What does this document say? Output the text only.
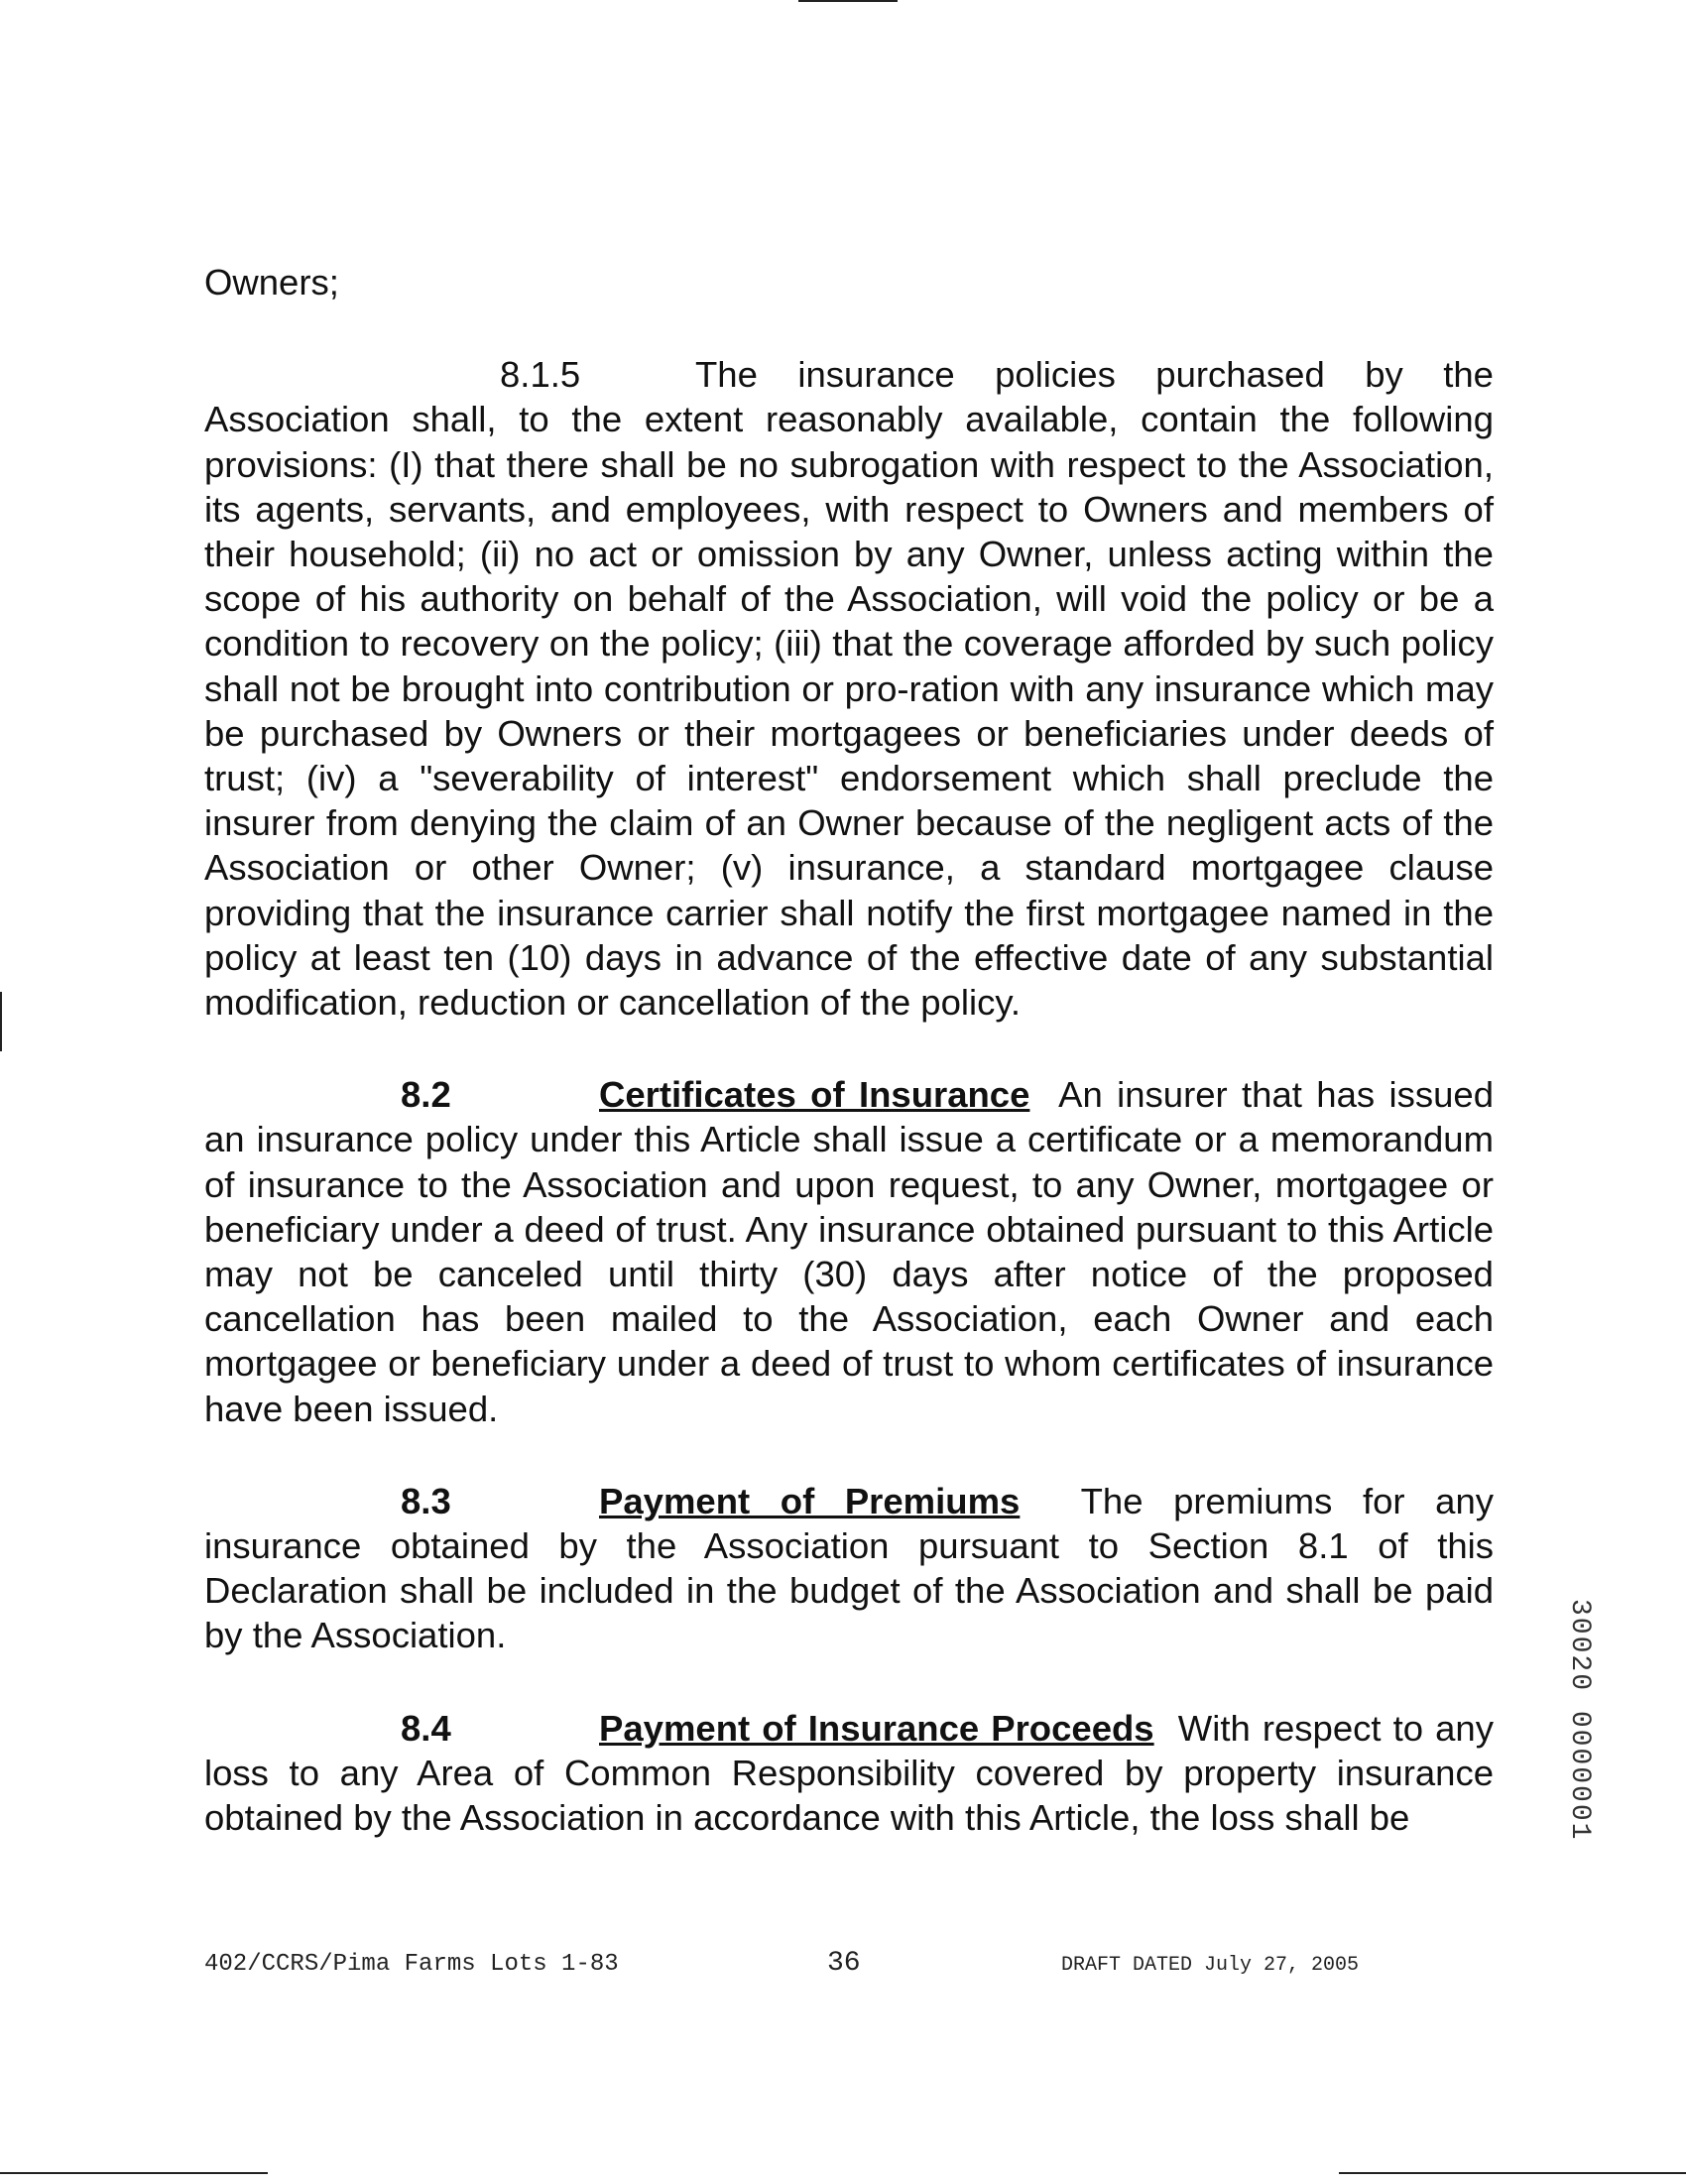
Owners;

8.1.5	The insurance policies purchased by the Association shall, to the extent reasonably available, contain the following provisions: (I) that there shall be no subrogation with respect to the Association, its agents, servants, and employees, with respect to Owners and members of their household; (ii) no act or omission by any Owner, unless acting within the scope of his authority on behalf of the Association, will void the policy or be a condition to recovery on the policy; (iii) that the coverage afforded by such policy shall not be brought into contribution or pro-ration with any insurance which may be purchased by Owners or their mortgagees or beneficiaries under deeds of trust; (iv) a "severability of interest" endorsement which shall preclude the insurer from denying the claim of an Owner because of the negligent acts of the Association or other Owner; (v) insurance, a standard mortgagee clause providing that the insurance carrier shall notify the first mortgagee named in the policy at least ten (10) days in advance of the effective date of any substantial modification, reduction or cancellation of the policy.

8.2	Certificates of Insurance An insurer that has issued an insurance policy under this Article shall issue a certificate or a memorandum of insurance to the Association and upon request, to any Owner, mortgagee or beneficiary under a deed of trust. Any insurance obtained pursuant to this Article may not be canceled until thirty (30) days after notice of the proposed cancellation has been mailed to the Association, each Owner and each mortgagee or beneficiary under a deed of trust to whom certificates of insurance have been issued.

8.3	Payment of Premiums The premiums for any insurance obtained by the Association pursuant to Section 8.1 of this Declaration shall be included in the budget of the Association and shall be paid by the Association.

8.4	Payment of Insurance Proceeds With respect to any loss to any Area of Common Responsibility covered by property insurance obtained by the Association in accordance with this Article, the loss shall be

402/CCRS/Pima Farms Lots 1-83	36	DRAFT DATED July 27, 2005
30020 0000001
